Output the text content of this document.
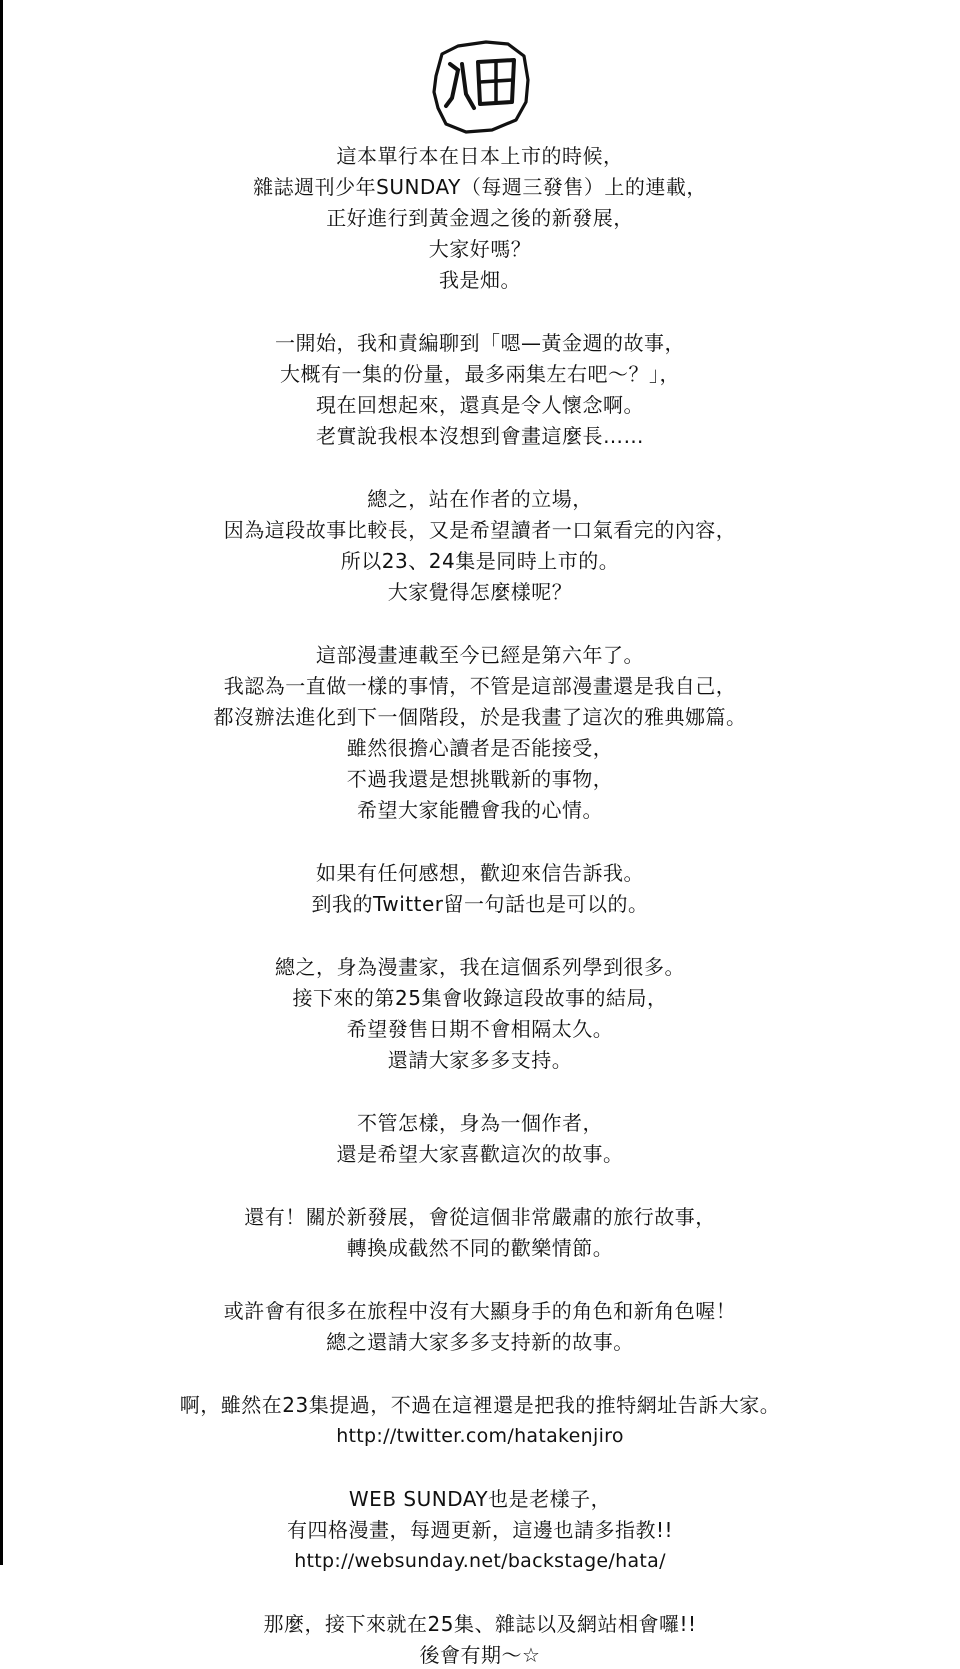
這本單行本在日本上市的時候，
雜誌週刊少年SUNDAY（每週三發售）上的連載，
正好進行到黃金週之後的新發展，
大家好嗎？
我是畑。
一開始，我和責編聊到「嗯—黃金週的故事，
大概有一集的份量，最多兩集左右吧～？」，
現在回想起來，還真是令人懷念啊。
老實說我根本沒想到會畫這麼長……
總之，站在作者的立場，
因為這段故事比較長，又是希望讀者一口氣看完的內容，
所以23、24集是同時上市的。
大家覺得怎麼樣呢？
這部漫畫連載至今已經是第六年了。
我認為一直做一樣的事情，不管是這部漫畫還是我自己，
都沒辦法進化到下一個階段，於是我畫了這次的雅典娜篇。
雖然很擔心讀者是否能接受，
不過我還是想挑戰新的事物，
希望大家能體會我的心情。
如果有任何感想，歡迎來信告訴我。
到我的Twitter留一句話也是可以的。
總之，身為漫畫家，我在這個系列學到很多。
接下來的第25集會收錄這段故事的結局，
希望發售日期不會相隔太久。
還請大家多多支持。
不管怎樣，身為一個作者，
還是希望大家喜歡這次的故事。
還有！關於新發展，會從這個非常嚴肅的旅行故事，
轉換成截然不同的歡樂情節。
或許會有很多在旅程中沒有大顯身手的角色和新角色喔！
總之還請大家多多支持新的故事。
啊，雖然在23集提過，不過在這裡還是把我的推特網址告訴大家。
http://twitter.com/hatakenjiro
WEB SUNDAY也是老樣子，
有四格漫畫，每週更新，這邊也請多指教!!
http://websunday.net/backstage/hata/
那麼，接下來就在25集、雜誌以及網站相會囉!!
後會有期～☆
